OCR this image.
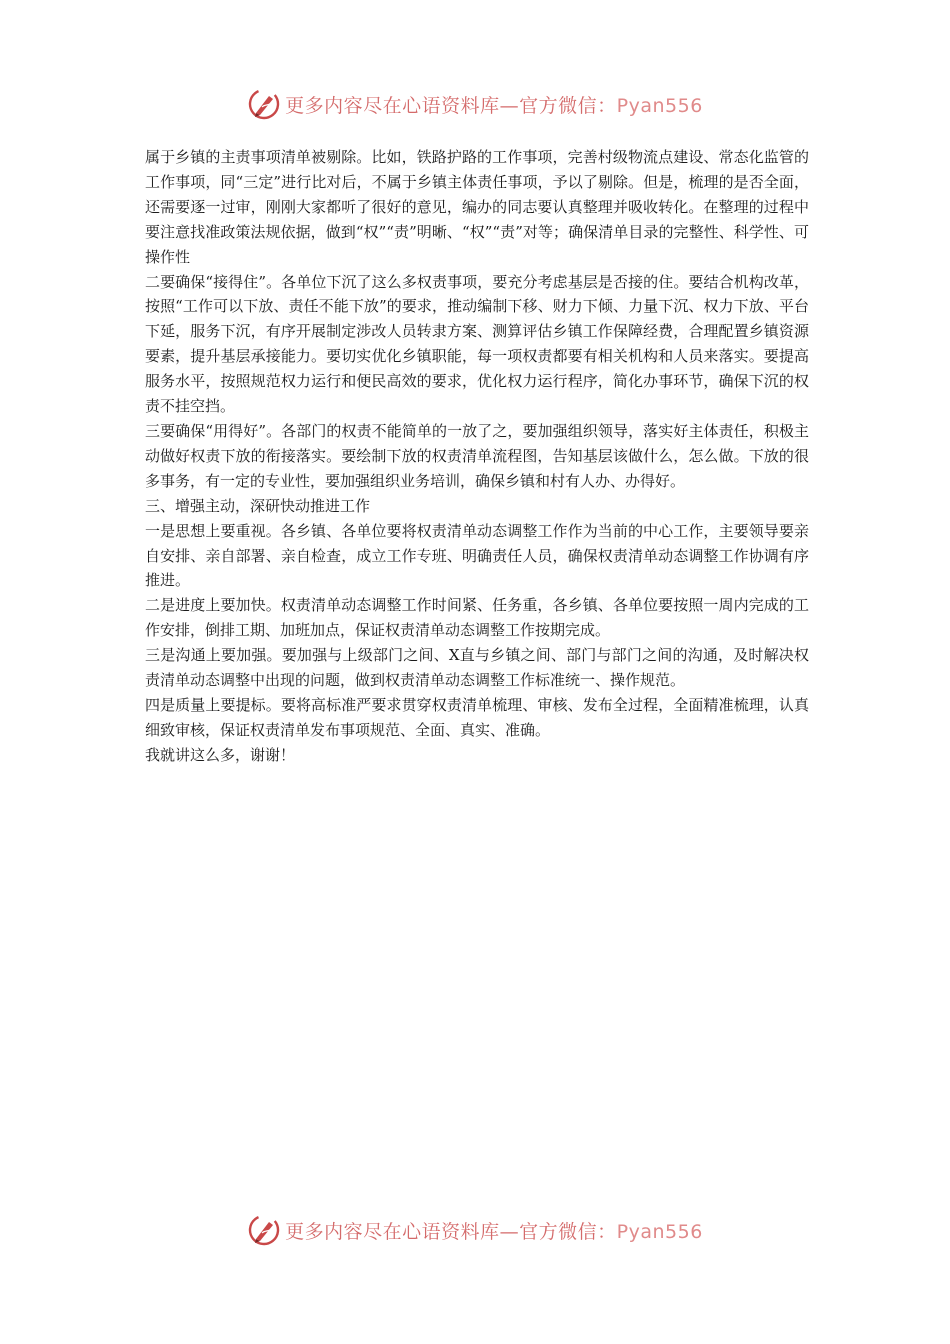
更多内容尽在心语资料库—官方微信：Pyan556

属于乡镇的主责事项清单被剔除。比如，铁路护路的工作事项，完善村级物流点建设、常态化监管的工作事项，同“三定”进行比对后，不属于乡镇主体责任事项，予以了剔除。但是，梳理的是否全面，还需要逐一过审，刚刚大家都听了很好的意见，编办的同志要认真整理并吸收转化。在整理的过程中要注意找准政策法规依据，做到“权”“责”明晰、“权”“责”对等；确保清单目录的完整性、科学性、可操作性

二要确保“接得住”。各单位下沉了这么多权责事项，要充分考虑基层是否接的住。要结合机构改革，按照“工作可以下放、责任不能下放”的要求，推动编制下移、财力下倾、力量下沉、权力下放、平台下延，服务下沉，有序开展制定涉改人员转隶方案、测算评估乡镇工作保障经费，合理配置乡镇资源要素，提升基层承接能力。要切实优化乡镇职能，每一项权责都要有相关机构和人员来落实。要提高服务水平，按照规范权力运行和便民高效的要求，优化权力运行程序，简化办事环节，确保下沉的权责不挂空挡。

三要确保“用得好”。各部门的权责不能简单的一放了之，要加强组织领导，落实好主体责任，积极主动做好权责下放的衔接落实。要绘制下放的权责清单流程图，告知基层该做什么，怎么做。下放的很多事务，有一定的专业性，要加强组织业务培训，确保乡镇和村有人办、办得好。

三、增强主动，深研快动推进工作

一是思想上要重视。各乡镇、各单位要将权责清单动态调整工作作为当前的中心工作，主要领导要亲自安排、亲自部署、亲自检查，成立工作专班、明确责任人员，确保权责清单动态调整工作协调有序推进。

二是进度上要加快。权责清单动态调整工作时间紧、任务重，各乡镇、各单位要按照一周内完成的工作安排，倒排工期、加班加点，保证权责清单动态调整工作按期完成。

三是沟通上要加强。要加强与上级部门之间、X直与乡镇之间、部门与部门之间的沟通，及时解决权责清单动态调整中出现的问题，做到权责清单动态调整工作标准统一、操作规范。

四是质量上要提标。要将高标准严要求贯穿权责清单梳理、审核、发布全过程，全面精准梳理，认真细致审核，保证权责清单发布事项规范、全面、真实、准确。

我就讲这么多，谢谢！

更多内容尽在心语资料库—官方微信：Pyan556
